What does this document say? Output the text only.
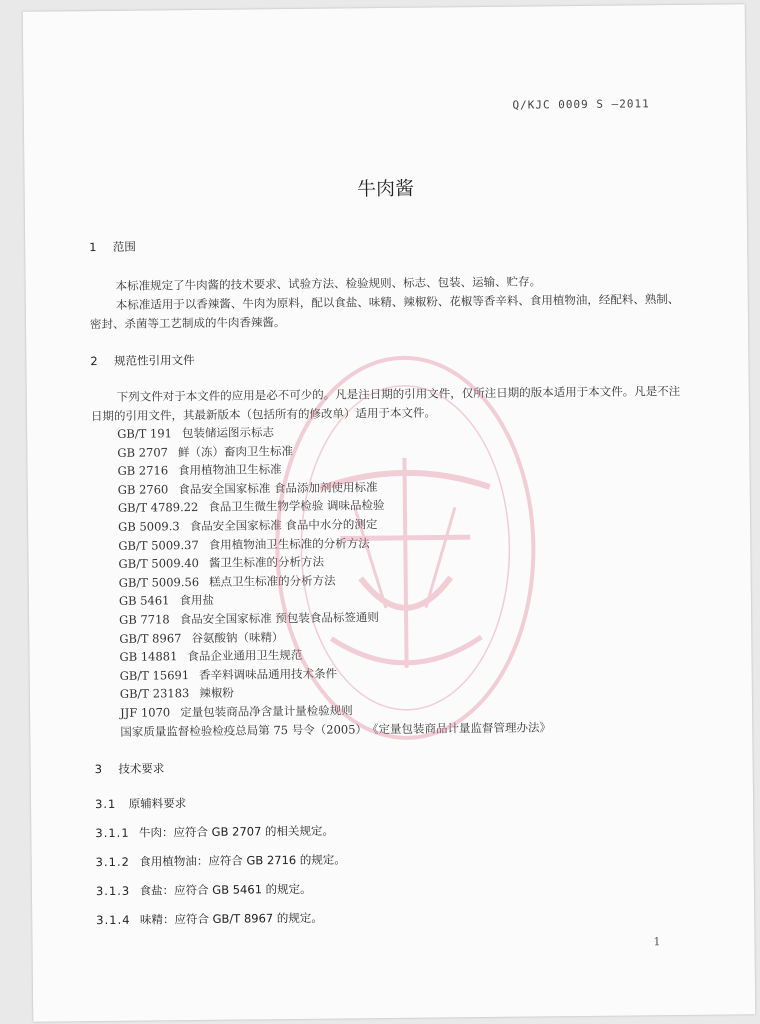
Q/KJC 0009 S —2011
牛肉酱
1 范围
本标准规定了牛肉酱的技术要求、试验方法、检验规则、标志、包装、运输、贮存。
本标准适用于以香辣酱、牛肉为原料，配以食盐、味精、辣椒粉、花椒等香辛料、食用植物油，经配料、熟制、密封、杀菌等工艺制成的牛肉香辣酱。
2 规范性引用文件
下列文件对于本文件的应用是必不可少的。凡是注日期的引用文件，仅所注日期的版本适用于本文件。凡是不注日期的引用文件，其最新版本（包括所有的修改单）适用于本文件。
GB/T 191 包装储运图示标志
GB 2707 鲜（冻）畜肉卫生标准
GB 2716 食用植物油卫生标准
GB 2760 食品安全国家标准 食品添加剂使用标准
GB/T 4789.22 食品卫生微生物学检验 调味品检验
GB 5009.3 食品安全国家标准 食品中水分的测定
GB/T 5009.37 食用植物油卫生标准的分析方法
GB/T 5009.40 酱卫生标准的分析方法
GB/T 5009.56 糕点卫生标准的分析方法
GB 5461 食用盐
GB 7718 食品安全国家标准 预包装食品标签通则
GB/T 8967 谷氨酸钠（味精）
GB 14881 食品企业通用卫生规范
GB/T 15691 香辛料调味品通用技术条件
GB/T 23183 辣椒粉
JJF 1070 定量包装商品净含量计量检验规则
国家质量监督检验检疫总局第 75 号令（2005）《定量包装商品计量监督管理办法》
3 技术要求
3.1 原辅料要求
3.1.1 牛肉：应符合 GB 2707 的相关规定。
3.1.2 食用植物油：应符合 GB 2716 的规定。
3.1.3 食盐：应符合 GB 5461 的规定。
3.1.4 味精：应符合 GB/T 8967 的规定。
1
